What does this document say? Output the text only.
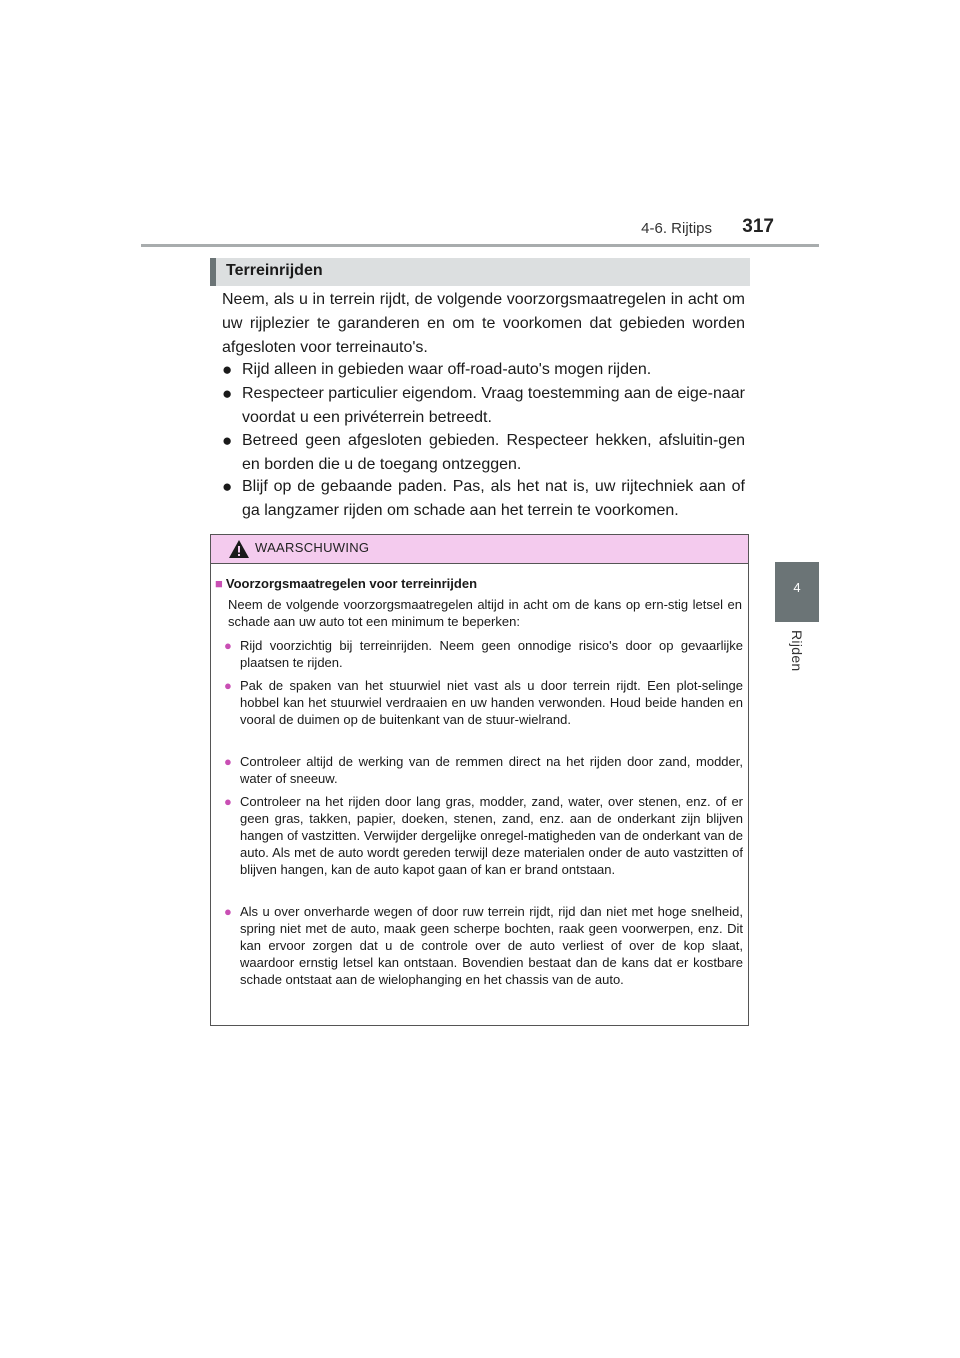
4-6. Rijtips	317
4
Rijden
Terreinrijden
Neem, als u in terrein rijdt, de volgende voorzorgsmaatregelen in acht om uw rijplezier te garanderen en om te voorkomen dat gebieden worden afgesloten voor terreinauto's.
● Rijd alleen in gebieden waar off-road-auto's mogen rijden.
● Respecteer particulier eigendom. Vraag toestemming aan de eige-naar voordat u een privéterrein betreedt.
● Betreed geen afgesloten gebieden. Respecteer hekken, afsluitin-gen en borden die u de toegang ontzeggen.
● Blijf op de gebaande paden. Pas, als het nat is, uw rijtechniek aan of ga langzamer rijden om schade aan het terrein te voorkomen.
WAARSCHUWING
■ Voorzorgsmaatregelen voor terreinrijden
Neem de volgende voorzorgsmaatregelen altijd in acht om de kans op ern-stig letsel en schade aan uw auto tot een minimum te beperken:
● Rijd voorzichtig bij terreinrijden. Neem geen onnodige risico's door op gevaarlijke plaatsen te rijden.
● Pak de spaken van het stuurwiel niet vast als u door terrein rijdt. Een plot-selinge hobbel kan het stuurwiel verdraaien en uw handen verwonden. Houd beide handen en vooral de duimen op de buitenkant van de stuur-wielrand.
● Controleer altijd de werking van de remmen direct na het rijden door zand, modder, water of sneeuw.
● Controleer na het rijden door lang gras, modder, zand, water, over stenen, enz. of er geen gras, takken, papier, doeken, stenen, zand, enz. aan de onderkant zijn blijven hangen of vastzitten. Verwijder dergelijke onregel-matigheden van de onderkant van de auto. Als met de auto wordt gereden terwijl deze materialen onder de auto vastzitten of blijven hangen, kan de auto kapot gaan of kan er brand ontstaan.
● Als u over onverharde wegen of door ruw terrein rijdt, rijd dan niet met hoge snelheid, spring niet met de auto, maak geen scherpe bochten, raak geen voorwerpen, enz. Dit kan ervoor zorgen dat u de controle over de auto verliest of over de kop slaat, waardoor ernstig letsel kan ontstaan. Bovendien bestaat dan de kans dat er kostbare schade ontstaat aan de wielophanging en het chassis van de auto.
